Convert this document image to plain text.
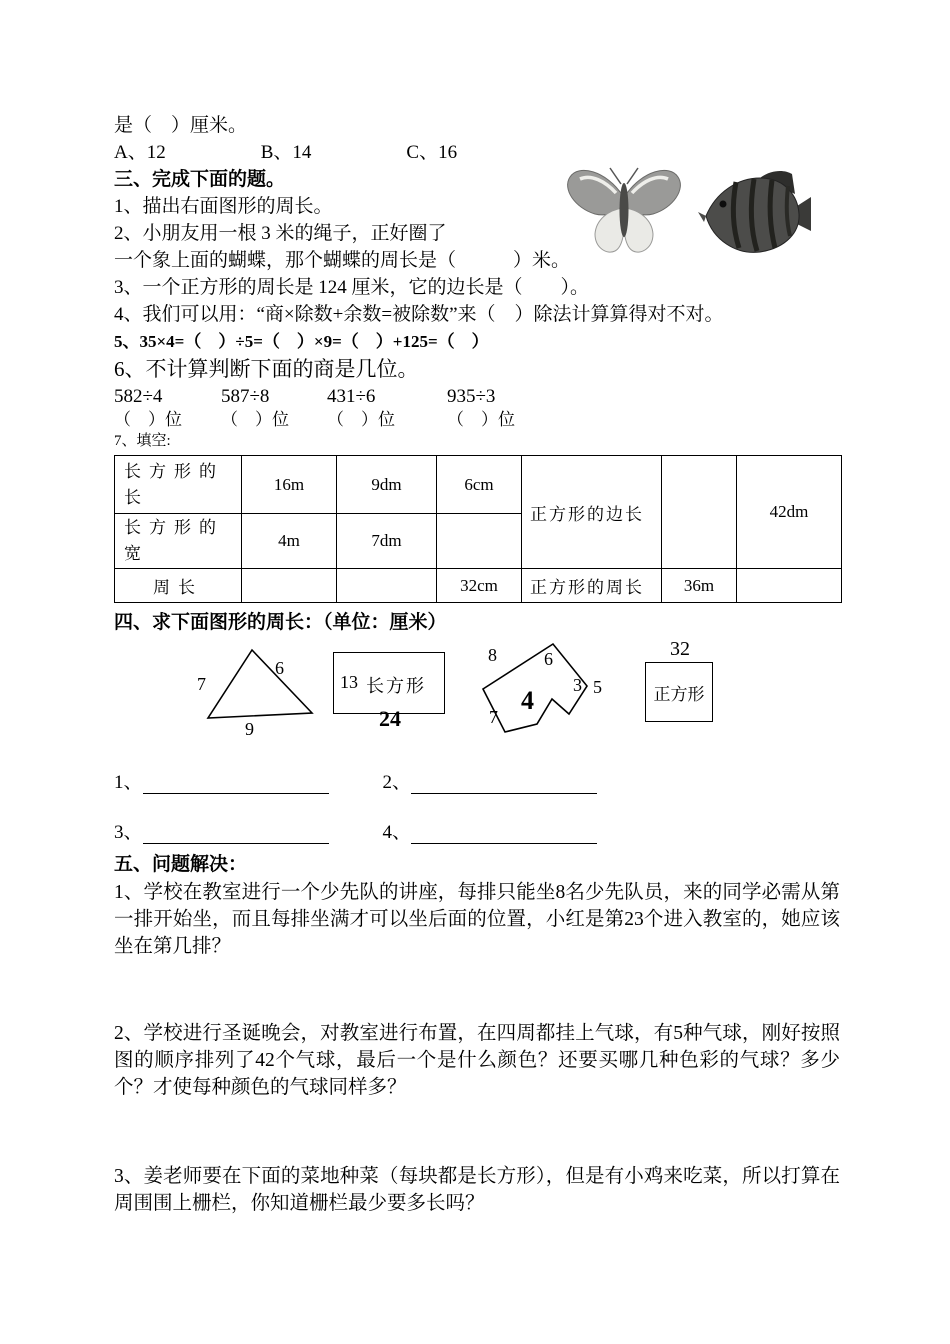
是（　）厘米。

A、12　　　　　B、14　　　　　C、16

三、完成下面的题。

1、描出右面图形的周长。

2、小朋友用一根 3 米的绳子，正好圈了

一个象上面的蝴蝶，那个蝴蝶的周长是（　　　）米。

3、一个正方形的周长是 124 厘米，它的边长是（　　）。

4、我们可以用：“商×除数+余数=被除数”来（　）除法计算算得对不对。

5、35×4=（　）÷5=（　）×9=（　）+125=（　）

6、不计算判断下面的商是几位。

582÷4	587÷8	431÷6	935÷3
（　）位	（　）位	（　）位	（　）位

7、填空:

长方形的长	16m	9dm	6cm	正方形的边长		42dm
长方形的宽	4m	7dm				
周长			32cm	正方形的周长	36m	

四、求下面图形的周长：（单位：厘米）

7
6
9
13 长方形
24
8	6
3 5
4
7
32
正方形
1、	2、
3、	4、

五、问题解决：

1、学校在教室进行一个少先队的讲座，每排只能坐8名少先队员，来的同学必需从第一排开始坐，而且每排坐满才可以坐后面的位置，小红是第23个进入教室的，她应该坐在第几排？

2、学校进行圣诞晚会，对教室进行布置，在四周都挂上气球，有5种气球，刚好按照图的顺序排列了42个气球，最后一个是什么颜色？还要买哪几种色彩的气球？多少个？才使每种颜色的气球同样多？

3、姜老师要在下面的菜地种菜（每块都是长方形），但是有小鸡来吃菜，所以打算在周围围上栅栏，你知道栅栏最少要多长吗？
